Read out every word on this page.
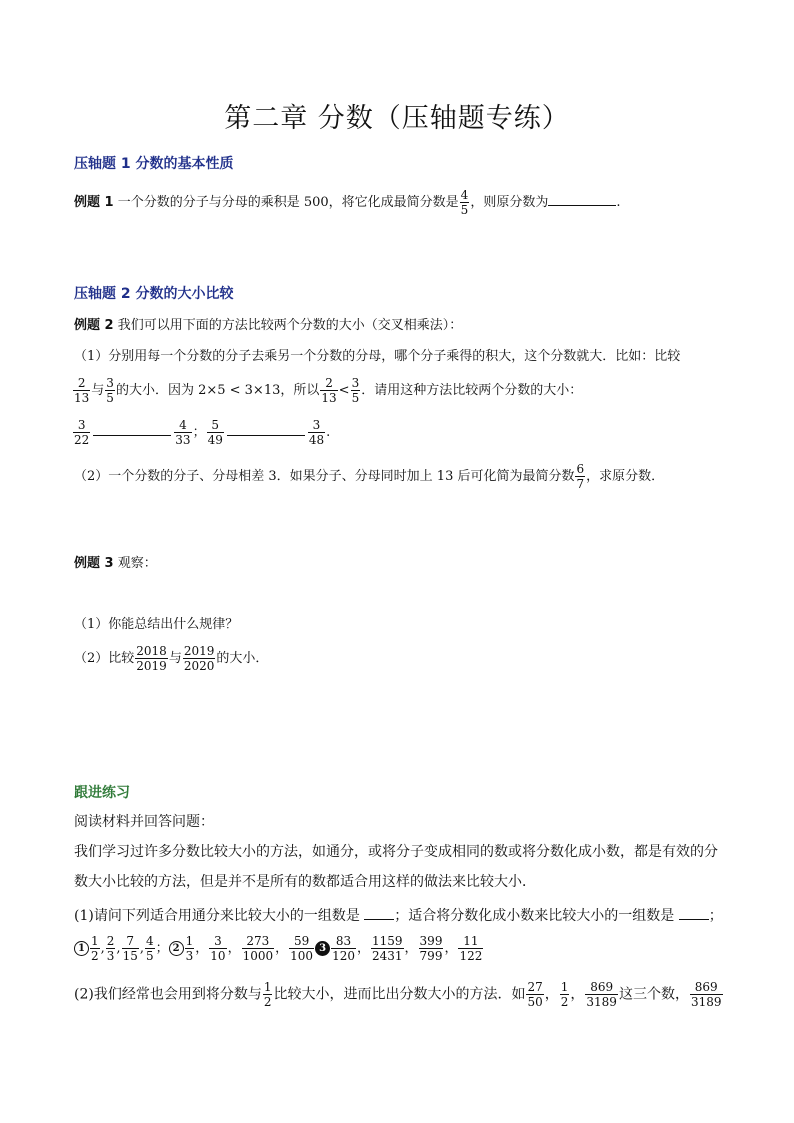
第二章 分数（压轴题专练）
压轴题 1 分数的基本性质
例题 1 一个分数的分子与分母的乘积是 500，将它化成最简分数是 $\frac{4}{5}$ ，则原分数为	.
压轴题 2 分数的大小比较
例题 2 我们可以用下面的方法比较两个分数的大小（交叉相乘法）：
（1）分别用每一个分数的分子去乘另一个分数的分母，哪个分子乘得的积大，这个分数就大．比如：比较
$\frac{2}{13}$ 与 $\frac{3}{5}$ 的大小．因为 2×5 < 3×13，所以 $\frac{2}{13} < \frac{3}{5}$ ．请用这种方法比较两个分数的大小：
$\frac{3}{22}$	$\frac{4}{33}$ ； $\frac{5}{49}$	$\frac{3}{48}$ .
（2）一个分数的分子、分母相差 3．如果分子、分母同时加上 13 后可化简为最简分数 $\frac{6}{7}$ ，求原分数．
例题 3 观察：
（1）你能总结出什么规律？
（2）比较 $\frac{2018}{2019}$ 与 $\frac{2019}{2020}$ 的大小．
跟进练习
阅读材料并回答问题：
我们学习过许多分数比较大小的方法，如通分，或将分子变成相同的数或将分数化成小数，都是有效的分
数大小比较的方法，但是并不是所有的数都适合用这样的做法来比较大小．
(1)请问下列适合用通分来比较大小的一组数是 ；适合将分数化成小数来比较大小的一组数是 ；
$1 \frac{1}{2}$ , $\frac{2}{3}$ , $\frac{7}{15}$ , $\frac{4}{5}$ ； $2 \frac{1}{3}$ ， $\frac{3}{10}$ ， $\frac{273}{1000}$ ， $\frac{59}{100} 3 \frac{83}{120}$ ， $\frac{1159}{2431}$ ， $\frac{399}{799}$ ， $\frac{11}{122}$
(2)我们经常也会用到将分数与 $\frac{1}{2}$ 比较大小，进而比出分数大小的方法．如 $\frac{27}{50}$ ， $\frac{1}{2}$ ， $\frac{869}{3189}$ 这三个数， $\frac{869}{3189}$
